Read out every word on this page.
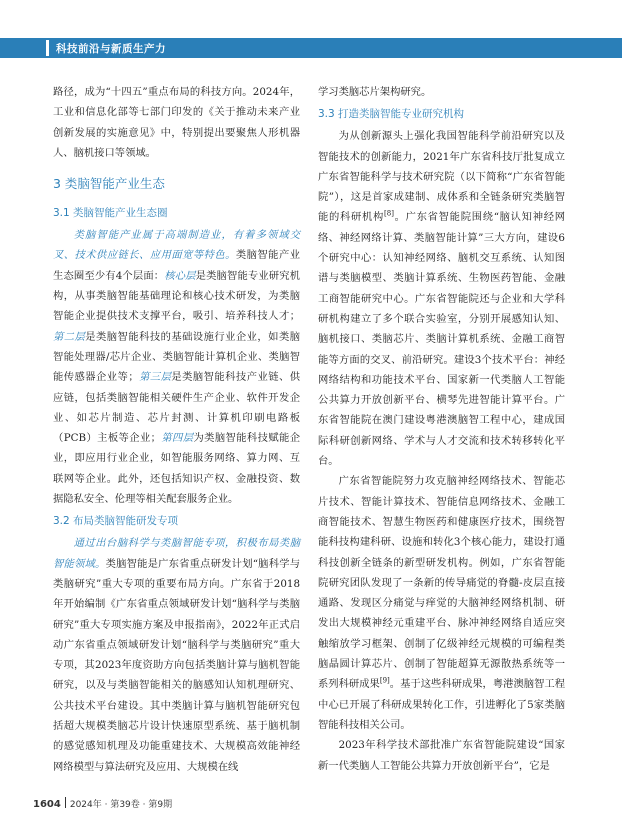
科技前沿与新质生产力

路径，成为“十四五”重点布局的科技方向。2024年，工业和信息化部等七部门印发的《关于推动未来产业创新发展的实施意见》中，特别提出要聚焦人形机器人、脑机接口等领域。

3 类脑智能产业生态
3.1 类脑智能产业生态圈

类脑智能产业属于高端制造业，有着多领域交叉、技术供应链长、应用面宽等特色。类脑智能产业生态圈至少有4个层面：核心层是类脑智能专业研究机构，从事类脑智能基础理论和核心技术研发，为类脑智能企业提供技术支撑平台，吸引、培养科技人才；第二层是类脑智能科技的基础设施行业企业，如类脑智能处理器/芯片企业、类脑智能计算机企业、类脑智能传感器企业等；第三层是类脑智能科技产业链、供应链，包括类脑智能相关硬件生产企业、软件开发企业、如芯片制造、芯片封测、计算机印刷电路板（PCB）主板等企业；第四层为类脑智能科技赋能企业，即应用行业企业，如智能服务网络、算力网、互联网等企业。此外，还包括知识产权、金融投资、数据隐私安全、伦理等相关配套服务企业。

3.2 布局类脑智能研发专项

通过出台脑科学与类脑智能专项，积极布局类脑智能领域。类脑智能是广东省重点研发计划“脑科学与类脑研究”重大专项的重要布局方向。广东省于2018年开始编制《广东省重点领域研发计划“脑科学与类脑研究”重大专项实施方案及申报指南》，2022年正式启动广东省重点领域研发计划“脑科学与类脑研究”重大专项，其2023年度资助方向包括类脑计算与脑机智能研究，以及与类脑智能相关的脑感知认知机理研究、公共技术平台建设。其中类脑计算与脑机智能研究包括超大规模类脑芯片设计快速原型系统、基于脑机制的感觉感知机理及功能重建技术、大规模高效能神经网络模型与算法研究及应用、大规模在线

学习类脑芯片架构研究。

3.3 打造类脑智能专业研究机构

为从创新源头上强化我国智能科学前沿研究以及智能技术的创新能力，2021年广东省科技厅批复成立广东省智能科学与技术研究院（以下简称“广东省智能院”），这是首家成建制、成体系和全链条研究类脑智能的科研机构[8]。广东省智能院围绕“脑认知神经网络、神经网络计算、类脑智能计算”三大方向，建设6个研究中心：认知神经网络、脑机交互系统、认知图谱与类脑模型、类脑计算系统、生物医药智能、金融工商智能研究中心。广东省智能院还与企业和大学科研机构建立了多个联合实验室，分别开展感知认知、脑机接口、类脑芯片、类脑计算机系统、金融工商智能等方面的交叉、前沿研究。建设3个技术平台：神经网络结构和功能技术平台、国家新一代类脑人工智能公共算力开放创新平台、横琴先进智能计算平台。广东省智能院在澳门建设粤港澳脑智工程中心，建成国际科研创新网络、学术与人才交流和技术转移转化平台。

广东省智能院努力攻克脑神经网络技术、智能芯片技术、智能计算技术、智能信息网络技术、金融工商智能技术、智慧生物医药和健康医疗技术，围绕智能科技构建科研、设施和转化3个核心能力，建设打通科技创新全链条的新型研发机构。例如，广东省智能院研究团队发现了一条新的传导痛觉的脊髓-皮层直接通路、发现区分痛觉与痒觉的大脑神经网络机制、研发出大规模神经元重建平台、脉冲神经网络自适应突触缩放学习框架、创制了亿级神经元规模的可编程类脑晶圆计算芯片、创制了智能超算无源散热系统等一系列科研成果[9]。基于这些科研成果，粤港澳脑智工程中心已开展了科研成果转化工作，引进孵化了5家类脑智能科技相关公司。

2023年科学技术部批准广东省智能院建设“国家新一代类脑人工智能公共算力开放创新平台”，它是

1604 2024年 · 第39卷 · 第9期
